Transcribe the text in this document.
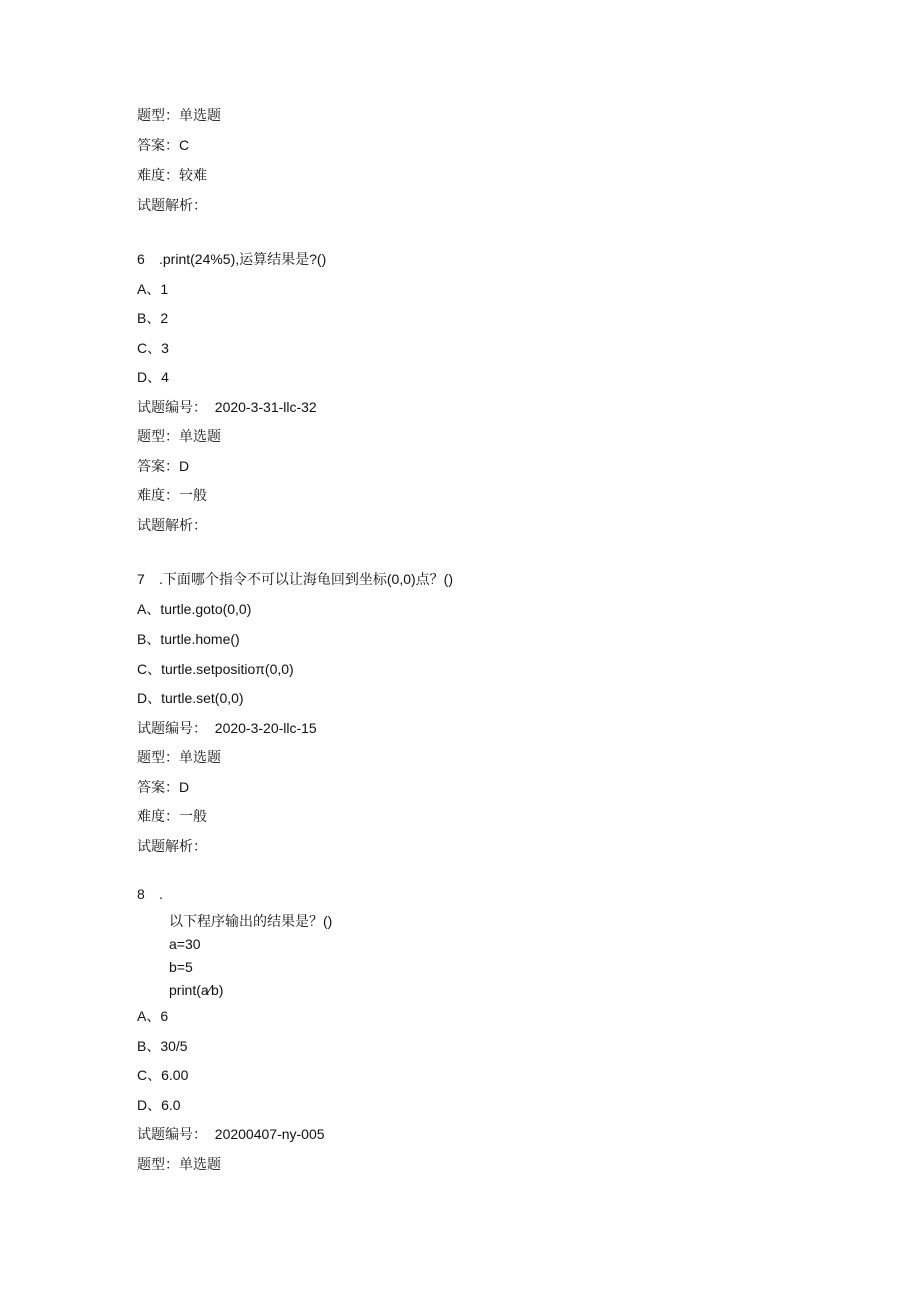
题型：单选题
答案：C
难度：较难
试题解析：
6 .print(24%5),运算结果是?()
A、1
B、2
C、3
D、4
试题编号：  2020-3-31-llc-32
题型：单选题
答案：D
难度：一般
试题解析：
7 .下面哪个指令不可以让海龟回到坐标(0,0)点？()
A、turtle.goto(0,0)
B、turtle.home()
C、turtle.setpositioπ(0,0)
D、turtle.set(0,0)
试题编号：  2020-3-20-llc-15
题型：单选题
答案：D
难度：一般
试题解析：
8 .
以下程序输出的结果是？()
a=30
b=5
print(a⁄b)
A、6
B、30/5
C、6.00
D、6.0
试题编号：  20200407-ny-005
题型：单选题
